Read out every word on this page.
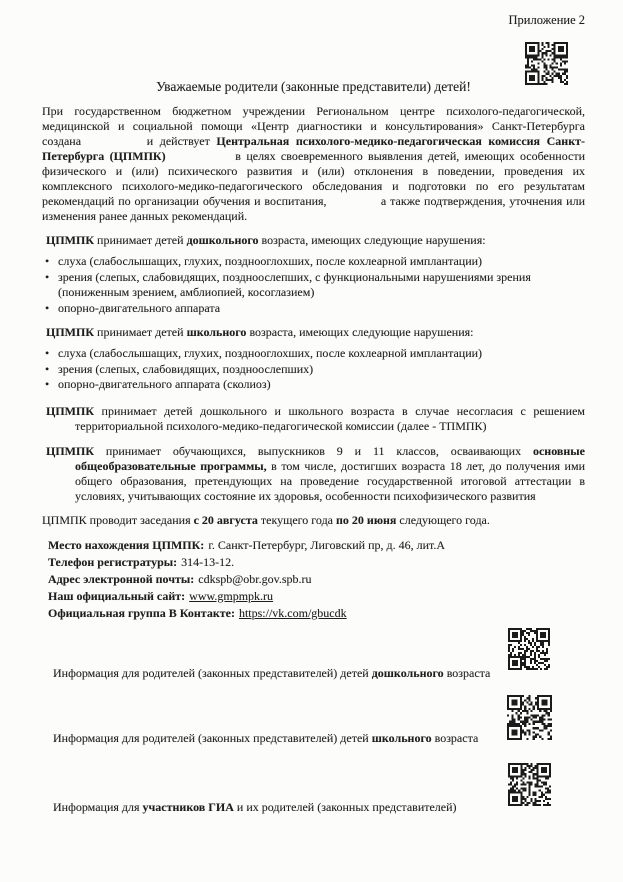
Приложение 2
Уважаемые родители (законные представители) детей!

При государственном бюджетном учреждении Региональном центре психолого-педагогической, медицинской и социальной помощи «Центр диагностики и консультирования» Санкт-Петербурга создана          и действует Центральная психолого-медико-педагогическая комиссия Санкт-Петербурга (ЦПМПК)             в целях своевременного выявления детей, имеющих особенности физического и (или) психического развития и (или) отклонения в поведении, проведения их комплексного психолого-медико-педагогического обследования и подготовки по его результатам рекомендаций по организации обучения и воспитания,              а также подтверждения, уточнения или изменения ранее данных рекомендаций.

ЦПМПК принимает детей дошкольного возраста, имеющих следующие нарушения:

• слуха (слабослышащих, глухих, позднооглохших, после кохлеарной имплантации)
• зрения (слепых, слабовидящих, поздноослепших, с функциональными нарушениями зрения (пониженным зрением, амблиопией, косоглазием)
• опорно-двигательного аппарата

ЦПМПК принимает детей школьного возраста, имеющих следующие нарушения:

• слуха (слабослышащих, глухих, позднооглохших, после кохлеарной имплантации)
• зрения (слепых, слабовидящих, поздноослепших)
• опорно-двигательного аппарата (сколиоз)

ЦПМПК принимает детей дошкольного и школьного возраста в случае несогласия с решением территориальной психолого-медико-педагогической комиссии (далее - ТПМПК)

ЦПМПК принимает обучающихся, выпускников 9 и 11 классов, осваивающих основные общеобразовательные программы, в том числе, достигших возраста 18 лет, до получения ими общего образования, претендующих на проведение государственной итоговой аттестации в условиях, учитывающих состояние их здоровья, особенности психофизического развития

ЦПМПК проводит заседания с 20 августа текущего года по 20 июня следующего года.

Место нахождения ЦПМПК: г. Санкт-Петербург, Лиговский пр, д. 46, лит.А
Телефон регистратуры: 314-13-12.
Адрес электронной почты: cdkspb@obr.gov.spb.ru
Наш официальный сайт: www.gmpmpk.ru
Официальная группа В Контакте: https://vk.com/gbucdk
Информация для родителей (законных представителей) детей дошкольного возраста
Информация для родителей (законных представителей) детей школьного возраста
Информация для участников ГИА и их родителей (законных представителей)
